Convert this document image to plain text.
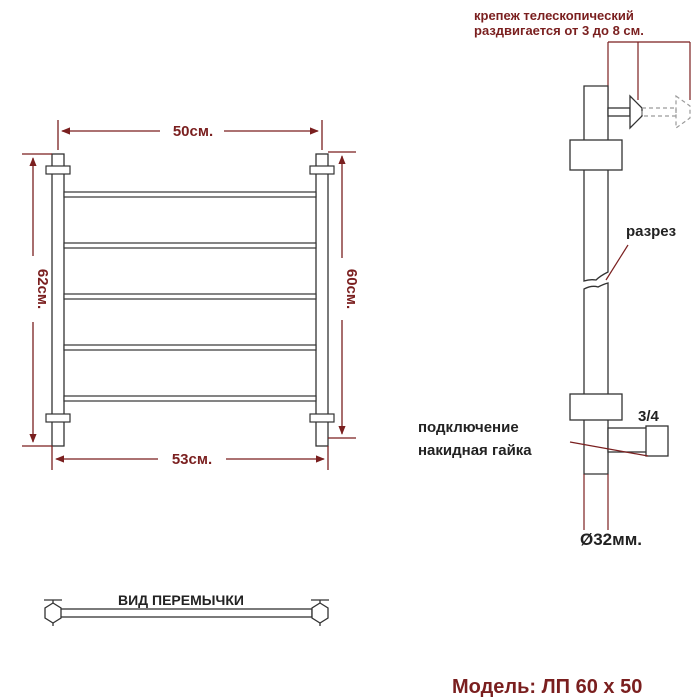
50см.
53см.
62см.	60см.
крепеж телескопический
раздвигается от 3 до 8 см.
разрез
3/4
подключение
накидная гайка
Ø32мм.
ВИД ПЕРЕМЫЧКИ
Модель: ЛП 60 х 50
